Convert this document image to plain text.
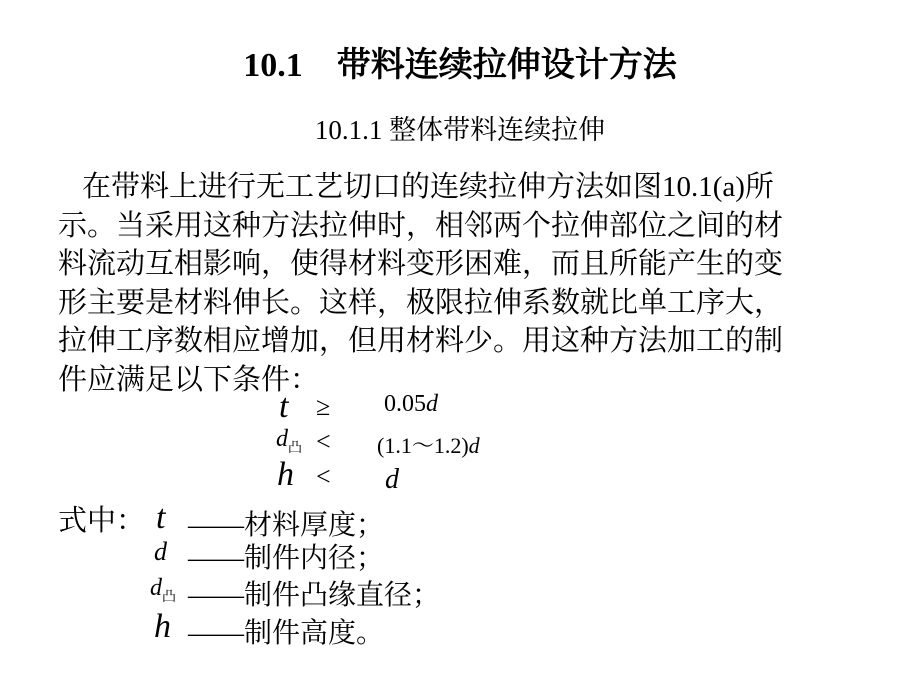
10.1　带料连续拉伸设计方法
10.1.1 整体带料连续拉伸
在带料上进行无工艺切口的连续拉伸方法如图10.1(a)所
示。当采用这种方法拉伸时，相邻两个拉伸部位之间的材
料流动互相影响，使得材料变形困难，而且所能产生的变
形主要是材料伸长。这样，极限拉伸系数就比单工序大，
拉伸工序数相应增加，但用材料少。用这种方法加工的制
件应满足以下条件：
t ≥ 0.05d
$d_凸$ < (1.1～1.2)d
h < d
式中： t ——材料厚度；
d ——制件内径；
$d_凸$ ——制件凸缘直径；
h ——制件高度。
